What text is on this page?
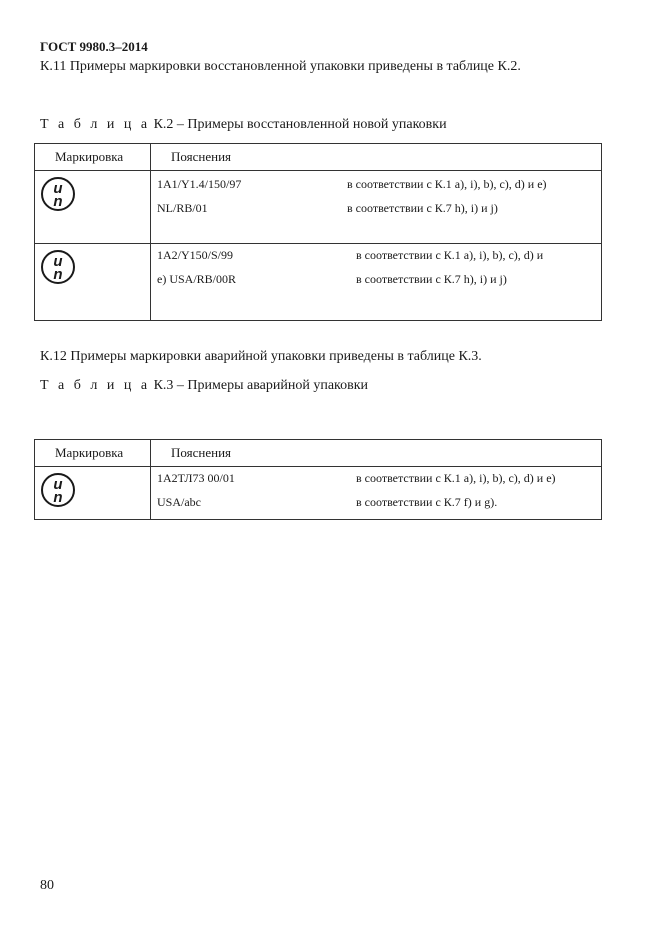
ГОСТ 9980.3–2014
К.11 Примеры маркировки восстановленной упаковки приведены в таблице К.2.
Т а б л и ц а К.2 – Примеры восстановленной новой упаковки
Маркировка	Пояснения

u
n	1А1/Y1.4/150/97 в соответствии с К.1 а), i), b), с), d) и е)
NL/RB/01 в соответствии с К.7 h), i) и j)

u
n	1А2/Y150/S/99 в соответствии с К.1 а), i), b), с), d) и
е) USA/RB/00R в соответствии с К.7 h), i) и j)
К.12 Примеры маркировки аварийной упаковки приведены в таблице К.3.
Т а б л и ц а К.3 – Примеры аварийной упаковки
Маркировка	Пояснения

u
n	1А2ТЛ73 00/01 в соответствии с К.1 а), i), b), с), d) и е)
USA/abc в соответствии с К.7 f) и g).
80
